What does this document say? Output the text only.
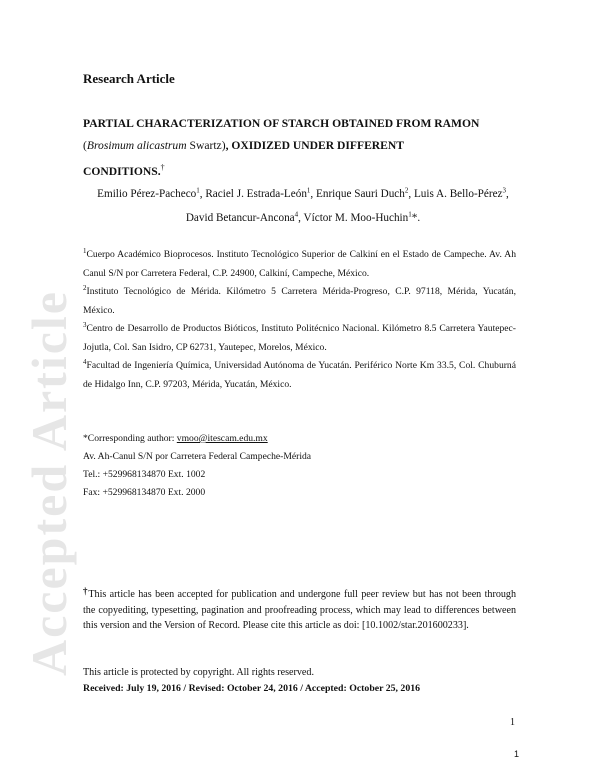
Accepted Article
Research Article
PARTIAL CHARACTERIZATION OF STARCH OBTAINED FROM RAMON
(Brosimum alicastrum Swartz), OXIDIZED UNDER DIFFERENT
CONDITIONS.†
Emilio Pérez-Pacheco$^1$, Raciel J. Estrada-León$^1$, Enrique Sauri Duch$^2$, Luis A. Bello-Pérez$^3$, David Betancur-Ancona$^4$, Víctor M. Moo-Huchin$^1$*.
$^1$Cuerpo Académico Bioprocesos. Instituto Tecnológico Superior de Calkiní en el Estado de Campeche. Av. Ah Canul S/N por Carretera Federal, C.P. 24900, Calkiní, Campeche, México.
$^2$Instituto Tecnológico de Mérida. Kilómetro 5 Carretera Mérida-Progreso, C.P. 97118, Mérida, Yucatán, México.
$^3$Centro de Desarrollo de Productos Bióticos, Instituto Politécnico Nacional. Kilómetro 8.5 Carretera Yautepec-Jojutla, Col. San Isidro, CP 62731, Yautepec, Morelos, México.
$^4$Facultad de Ingeniería Química, Universidad Autónoma de Yucatán. Periférico Norte Km 33.5, Col. Chuburná de Hidalgo Inn, C.P. 97203, Mérida, Yucatán, México.
*Corresponding author: vmoo@itescam.edu.mx
Av. Ah-Canul S/N por Carretera Federal Campeche-Mérida
Tel.: +529968134870 Ext. 1002
Fax: +529968134870 Ext. 2000
†This article has been accepted for publication and undergone full peer review but has not been through the copyediting, typesetting, pagination and proofreading process, which may lead to differences between this version and the Version of Record. Please cite this article as doi: [10.1002/star.201600233].
This article is protected by copyright. All rights reserved.
Received: July 19, 2016 / Revised: October 24, 2016 / Accepted: October 25, 2016
1
1
